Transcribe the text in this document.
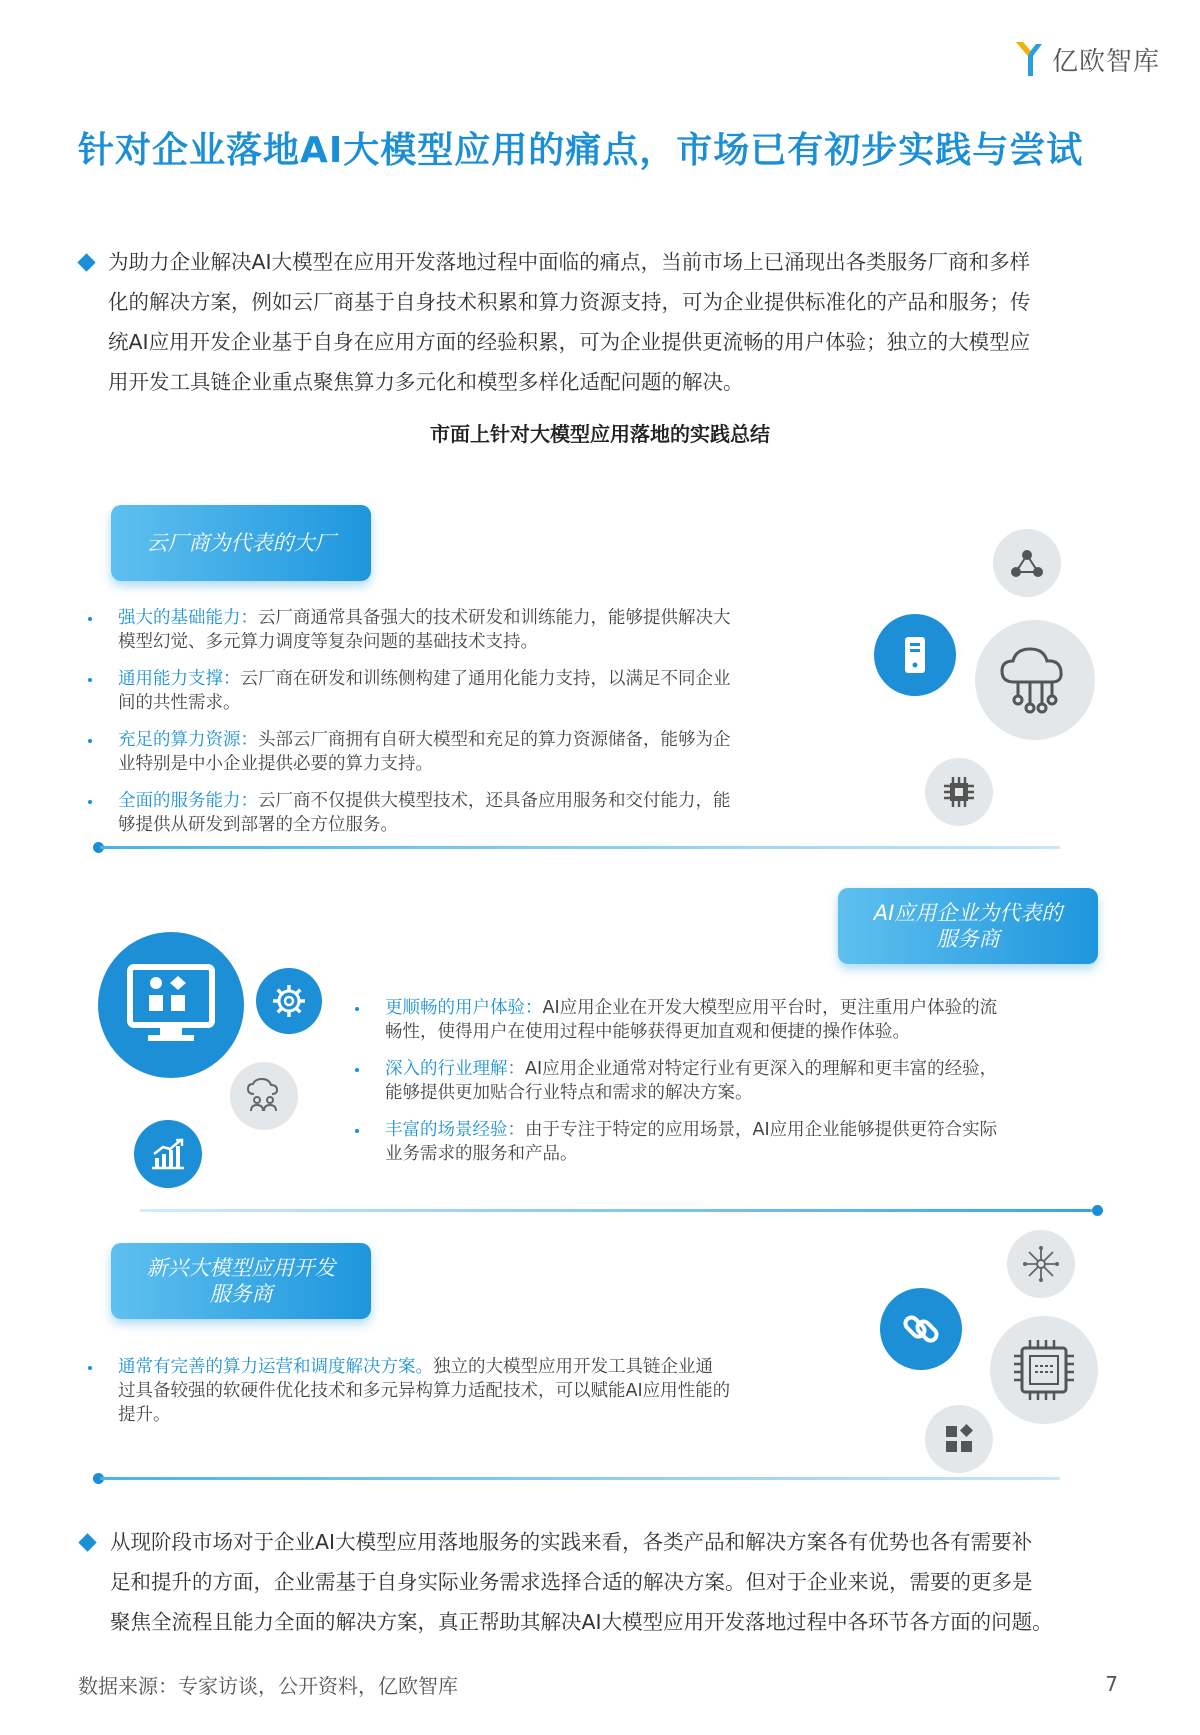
亿欧智库
针对企业落地AI大模型应用的痛点，市场已有初步实践与尝试
为助力企业解决AI大模型在应用开发落地过程中面临的痛点，当前市场上已涌现出各类服务厂商和多样
化的解决方案，例如云厂商基于自身技术积累和算力资源支持，可为企业提供标准化的产品和服务；传
统AI应用开发企业基于自身在应用方面的经验积累，可为企业提供更流畅的用户体验；独立的大模型应
用开发工具链企业重点聚焦算力多元化和模型多样化适配问题的解决。
市面上针对大模型应用落地的实践总结
云厂商为代表的大厂
强大的基础能力：云厂商通常具备强大的技术研发和训练能力，能够提供解决大
模型幻觉、多元算力调度等复杂问题的基础技术支持。
通用能力支撑：云厂商在研发和训练侧构建了通用化能力支持，以满足不同企业
间的共性需求。
充足的算力资源：头部云厂商拥有自研大模型和充足的算力资源储备，能够为企
业特别是中小企业提供必要的算力支持。
全面的服务能力：云厂商不仅提供大模型技术，还具备应用服务和交付能力，能
够提供从研发到部署的全方位服务。
AI应用企业为代表的
服务商
更顺畅的用户体验：AI应用企业在开发大模型应用平台时，更注重用户体验的流
畅性，使得用户在使用过程中能够获得更加直观和便捷的操作体验。
深入的行业理解：AI应用企业通常对特定行业有更深入的理解和更丰富的经验，
能够提供更加贴合行业特点和需求的解决方案。
丰富的场景经验：由于专注于特定的应用场景，AI应用企业能够提供更符合实际
业务需求的服务和产品。
新兴大模型应用开发
服务商
通常有完善的算力运营和调度解决方案。独立的大模型应用开发工具链企业通
过具备较强的软硬件优化技术和多元异构算力适配技术，可以赋能AI应用性能的
提升。
从现阶段市场对于企业AI大模型应用落地服务的实践来看，各类产品和解决方案各有优势也各有需要补
足和提升的方面，企业需基于自身实际业务需求选择合适的解决方案。但对于企业来说，需要的更多是
聚焦全流程且能力全面的解决方案，真正帮助其解决AI大模型应用开发落地过程中各环节各方面的问题。
数据来源：专家访谈，公开资料，亿欧智库	7
